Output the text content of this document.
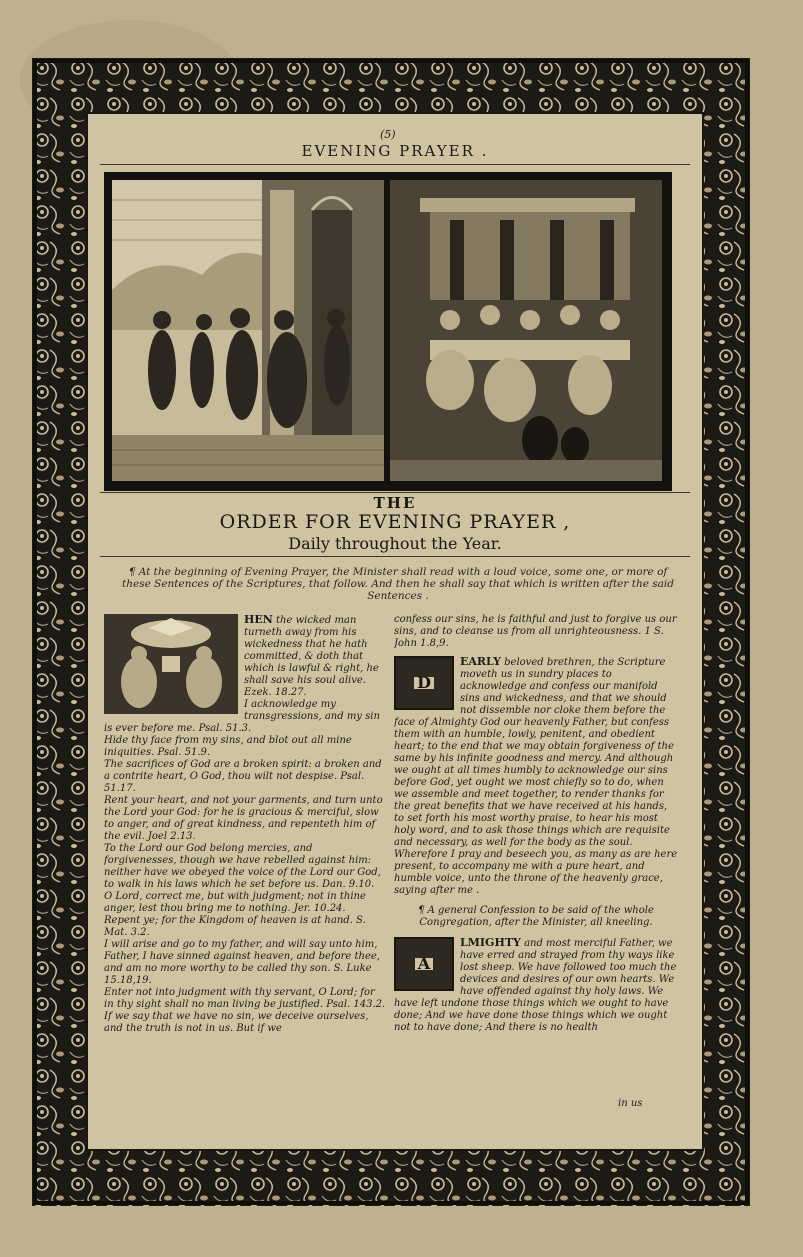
(5)
EVENING PRAYER .
THE
ORDER FOR EVENING PRAYER ,
Daily throughout the Year.
¶ At the beginning of Evening Prayer, the Minister shall read with a loud voice, some one, or more of these Sentences of the Scriptures, that follow. And then he shall say that which is written after the said Sentences .

HEN the wicked man turneth away from his wickedness that he hath committed, & doth that which is lawful & right, he shall save his soul alive. Ezek. 18.27.

I acknowledge my transgressions, and my sin is ever before me. Psal. 51.3.

Hide thy face from my sins, and blot out all mine iniquities. Psal. 51.9.

The sacrifices of God are a broken spirit: a broken and a contrite heart, O God, thou wilt not despise. Psal. 51.17.

Rent your heart, and not your garments, and turn unto the Lord your God: for he is gracious & merciful, slow to anger, and of great kindness, and repenteth him of the evil. Joel 2.13.

To the Lord our God belong mercies, and forgivenesses, though we have rebelled against him: neither have we obeyed the voice of the Lord our God, to walk in his laws which he set before us. Dan. 9.10.

O Lord, correct me, but with judgment; not in thine anger, lest thou bring me to nothing. Jer. 10.24.

Repent ye; for the Kingdom of heaven is at hand. S. Mat. 3.2.

I will arise and go to my father, and will say unto him, Father, I have sinned against heaven, and before thee, and am no more worthy to be called thy son. S. Luke 15.18,19.

Enter not into judgment with thy servant, O Lord; for in thy sight shall no man living be justified. Psal. 143.2.

If we say that we have no sin, we deceive ourselves, and the truth is not in us. But if we

confess our sins, he is faithful and just to forgive us our sins, and to cleanse us from all unrighteousness. 1 S. John 1.8,9.

D

EARLY beloved brethren, the Scripture moveth us in sundry places to acknowledge and confess our manifold sins and wickedness, and that we should not dissemble nor cloke them before the face of Almighty God our heavenly Father, but confess them with an humble, lowly, penitent, and obedient heart; to the end that we may obtain forgiveness of the same by his infinite goodness and mercy. And although we ought at all times humbly to acknowledge our sins before God, yet ought we most chiefly so to do, when we assemble and meet together, to render thanks for the great benefits that we have received at his hands, to set forth his most worthy praise, to hear his most holy word, and to ask those things which are requisite and necessary, as well for the body as the soul. Wherefore I pray and beseech you, as many as are here present, to accompany me with a pure heart, and humble voice, unto the throne of the heavenly grace, saying after me .

¶ A general Confession to be said of the whole Congregation, after the Minister, all kneeling.

A

LMIGHTY and most merciful Father, we have erred and strayed from thy ways like lost sheep. We have followed too much the devices and desires of our own hearts. We have offended against thy holy laws. We have left undone those things which we ought to have done; And we have done those things which we ought not to have done; And there is no health

in us
